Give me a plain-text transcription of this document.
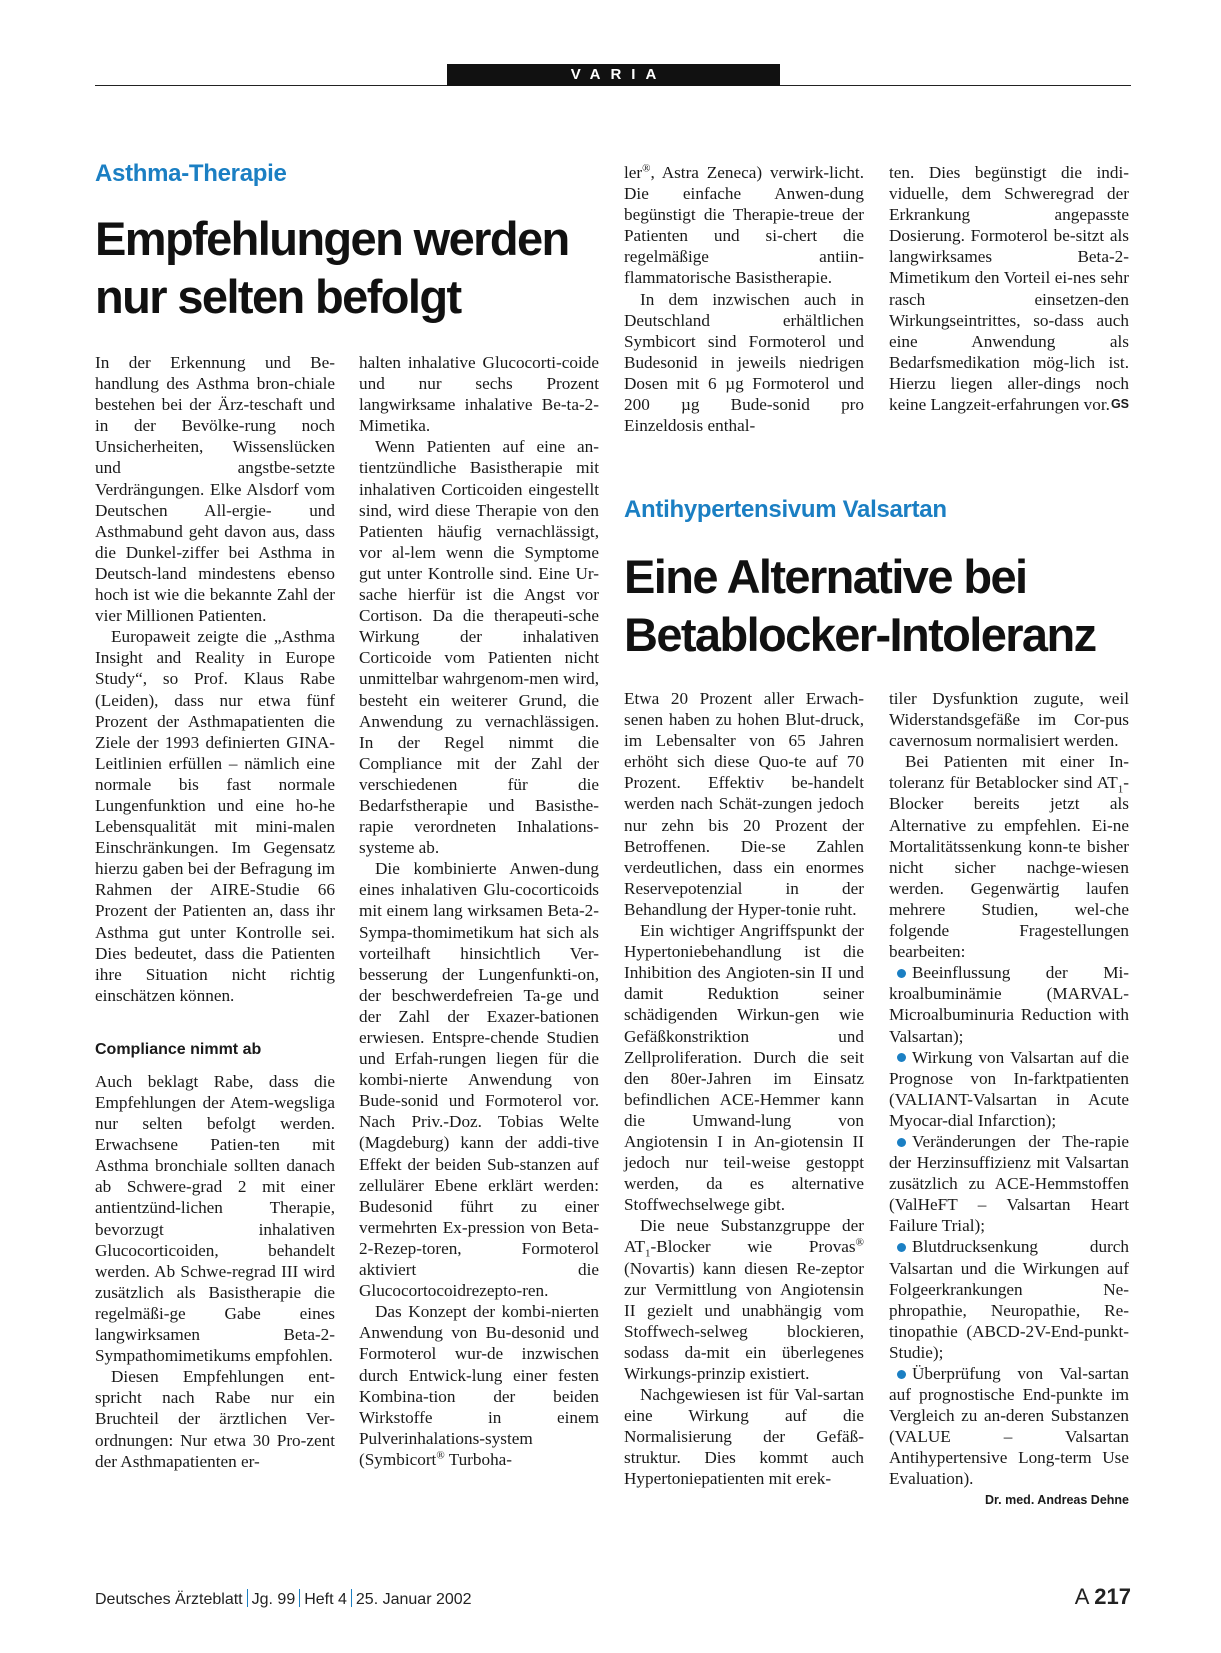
VARIA
Asthma-Therapie
Empfehlungen werden
nur selten befolgt

In der Erkennung und Be-handlung des Asthma bron-chiale bestehen bei der Ärz-teschaft und in der Bevölke-rung noch Unsicherheiten, Wissenslücken und angstbe-setzte Verdrängungen. Elke Alsdorf vom Deutschen All-ergie- und Asthmabund geht davon aus, dass die Dunkel-ziffer bei Asthma in Deutsch-land mindestens ebenso hoch ist wie die bekannte Zahl der vier Millionen Patienten.

Europaweit zeigte die „Asthma Insight and Reality in Europe Study“, so Prof. Klaus Rabe (Leiden), dass nur etwa fünf Prozent der Asthmapatienten die Ziele der 1993 definierten GINA-Leitlinien erfüllen – nämlich eine normale bis fast normale Lungenfunktion und eine ho-he Lebensqualität mit mini-malen Einschränkungen. Im Gegensatz hierzu gaben bei der Befragung im Rahmen der AIRE-Studie 66 Prozent der Patienten an, dass ihr Asthma gut unter Kontrolle sei. Dies bedeutet, dass die Patienten ihre Situation nicht richtig einschätzen können.

Compliance nimmt ab

Auch beklagt Rabe, dass die Empfehlungen der Atem-wegsliga nur selten befolgt werden. Erwachsene Patien-ten mit Asthma bronchiale sollten danach ab Schwere-grad 2 mit einer antientzünd-lichen Therapie, bevorzugt inhalativen Glucocorticoiden, behandelt werden. Ab Schwe-regrad III wird zusätzlich als Basistherapie die regelmäßi-ge Gabe eines langwirksamen Beta-2-Sympathomimetikums empfohlen.

Diesen Empfehlungen ent-spricht nach Rabe nur ein Bruchteil der ärztlichen Ver-ordnungen: Nur etwa 30 Pro-zent der Asthmapatienten er-

halten inhalative Glucocorti-coide und nur sechs Prozent langwirksame inhalative Be-ta-2-Mimetika.

Wenn Patienten auf eine an-tientzündliche Basistherapie mit inhalativen Corticoiden eingestellt sind, wird diese Therapie von den Patienten häufig vernachlässigt, vor al-lem wenn die Symptome gut unter Kontrolle sind. Eine Ur-sache hierfür ist die Angst vor Cortison. Da die therapeuti-sche Wirkung der inhalativen Corticoide vom Patienten nicht unmittelbar wahrgenom-men wird, besteht ein weiterer Grund, die Anwendung zu vernachlässigen. In der Regel nimmt die Compliance mit der Zahl der verschiedenen für die Bedarfstherapie und Basisthe-rapie verordneten Inhalations-systeme ab.

Die kombinierte Anwen-dung eines inhalativen Glu-cocorticoids mit einem lang wirksamen Beta-2-Sympa-thomimetikum hat sich als vorteilhaft hinsichtlich Ver-besserung der Lungenfunkti-on, der beschwerdefreien Ta-ge und der Zahl der Exazer-bationen erwiesen. Entspre-chende Studien und Erfah-rungen liegen für die kombi-nierte Anwendung von Bude-sonid und Formoterol vor. Nach Priv.-Doz. Tobias Welte (Magdeburg) kann der addi-tive Effekt der beiden Sub-stanzen auf zellulärer Ebene erklärt werden: Budesonid führt zu einer vermehrten Ex-pression von Beta-2-Rezep-toren, Formoterol aktiviert die Glucocortocoidrezepto-ren.

Das Konzept der kombi-nierten Anwendung von Bu-desonid und Formoterol wur-de inzwischen durch Entwick-lung einer festen Kombina-tion der beiden Wirkstoffe in einem Pulverinhalations-system (Symbicort® Turboha-

ler®, Astra Zeneca) verwirk-licht. Die einfache Anwen-dung begünstigt die Therapie-treue der Patienten und si-chert die regelmäßige antiin-flammatorische Basistherapie.

In dem inzwischen auch in Deutschland erhältlichen Symbicort sind Formoterol und Budesonid in jeweils niedrigen Dosen mit 6 µg Formoterol und 200 µg Bude-sonid pro Einzeldosis enthal-

ten. Dies begünstigt die indi-viduelle, dem Schweregrad der Erkrankung angepasste Dosierung. Formoterol be-sitzt als langwirksames Beta-2-Mimetikum den Vorteil ei-nes sehr rasch einsetzen-den Wirkungseintrittes, so-dass auch eine Anwendung als Bedarfsmedikation mög-lich ist. Hierzu liegen aller-dings noch keine Langzeit-erfahrungen vor. GS

Antihypertensivum Valsartan
Eine Alternative bei
Betablocker-Intoleranz

Etwa 20 Prozent aller Erwach-senen haben zu hohen Blut-druck, im Lebensalter von 65 Jahren erhöht sich diese Quo-te auf 70 Prozent. Effektiv be-handelt werden nach Schät-zungen jedoch nur zehn bis 20 Prozent der Betroffenen. Die-se Zahlen verdeutlichen, dass ein enormes Reservepotenzial in der Behandlung der Hyper-tonie ruht.

Ein wichtiger Angriffspunkt der Hypertoniebehandlung ist die Inhibition des Angioten-sin II und damit Reduktion seiner schädigenden Wirkun-gen wie Gefäßkonstriktion und Zellproliferation. Durch die seit den 80er-Jahren im Einsatz befindlichen ACE-Hemmer kann die Umwand-lung von Angiotensin I in An-giotensin II jedoch nur teil-weise gestoppt werden, da es alternative Stoffwechselwege gibt.

Die neue Substanzgruppe der $AT_1$-Blocker wie Provas® (Novartis) kann diesen Re-zeptor zur Vermittlung von Angiotensin II gezielt und unabhängig vom Stoffwech-selweg blockieren, sodass da-mit ein überlegenes Wirkungs-prinzip existiert.

Nachgewiesen ist für Val-sartan eine Wirkung auf die Normalisierung der Gefäß-struktur. Dies kommt auch Hypertoniepatienten mit erek-

tiler Dysfunktion zugute, weil Widerstandsgefäße im Cor-pus cavernosum normalisiert werden.

Bei Patienten mit einer In-toleranz für Betablocker sind $AT_1$-Blocker bereits jetzt als Alternative zu empfehlen. Ei-ne Mortalitätssenkung konn-te bisher nicht sicher nachge-wiesen werden. Gegenwärtig laufen mehrere Studien, wel-che folgende Fragestellungen bearbeiten:

Beeinflussung der Mi-kroalbuminämie (MARVAL-Microalbuminuria Reduction with Valsartan);

Wirkung von Valsartan auf die Prognose von In-farktpatienten (VALIANT-Valsartan in Acute Myocar-dial Infarction);

Veränderungen der The-rapie der Herzinsuffizienz mit Valsartan zusätzlich zu ACE-Hemmstoffen (ValHeFT – Valsartan Heart Failure Trial);

Blutdrucksenkung durch Valsartan und die Wirkungen auf Folgeerkrankungen Ne-phropathie, Neuropathie, Re-tinopathie (ABCD-2V-End-punkt-Studie);

Überprüfung von Val-sartan auf prognostische End-punkte im Vergleich zu an-deren Substanzen (VALUE – Valsartan Antihypertensive Long-term Use Evaluation).

Dr. med. Andreas Dehne
Deutsches Ärzteblatt Jg. 99 Heft 4 25. Januar 2002	A 217
